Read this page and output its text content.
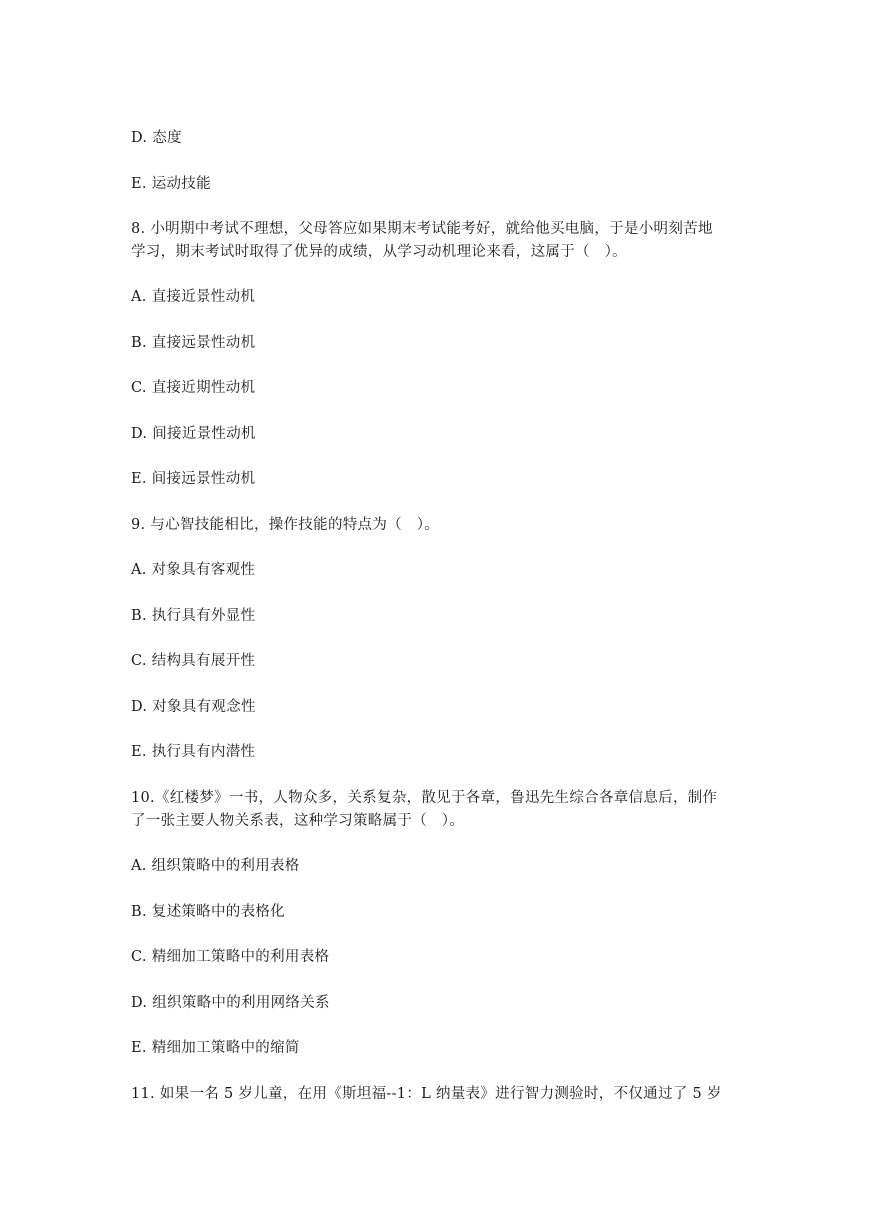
D. 态度
E. 运动技能
8. 小明期中考试不理想，父母答应如果期末考试能考好，就给他买电脑，于是小明刻苦地
学习，期末考试时取得了优异的成绩，从学习动机理论来看，这属于（　）。
A. 直接近景性动机
B. 直接远景性动机
C. 直接近期性动机
D. 间接近景性动机
E. 间接远景性动机
9. 与心智技能相比，操作技能的特点为（　）。
A. 对象具有客观性
B. 执行具有外显性
C. 结构具有展开性
D. 对象具有观念性
E. 执行具有内潜性
10.《红楼梦》一书，人物众多，关系复杂，散见于各章，鲁迅先生综合各章信息后，制作
了一张主要人物关系表，这种学习策略属于（　）。
A. 组织策略中的利用表格
B. 复述策略中的表格化
C. 精细加工策略中的利用表格
D. 组织策略中的利用网络关系
E. 精细加工策略中的缩简
11. 如果一名 5 岁儿童，在用《斯坦福--1：L 纳量表》进行智力测验时，不仅通过了 5 岁
